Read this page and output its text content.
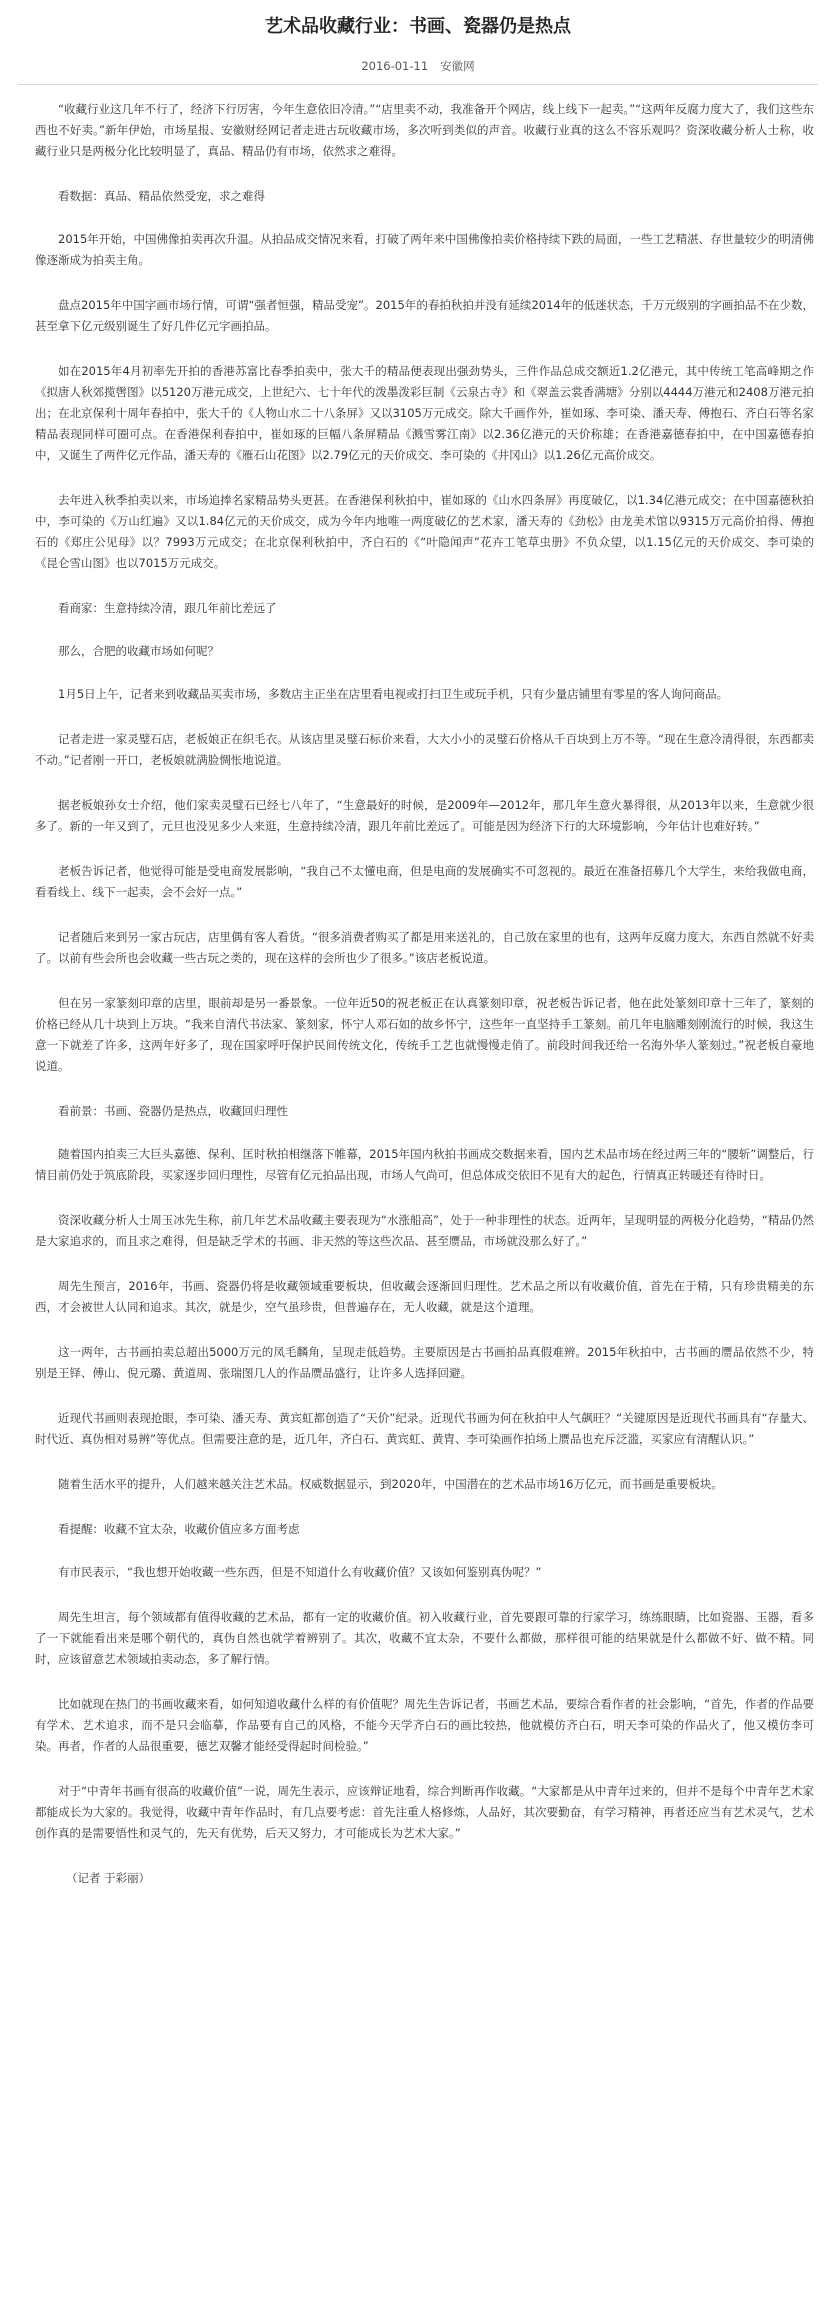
艺术品收藏行业：书画、瓷器仍是热点
2016-01-11 安徽网

“收藏行业这几年不行了，经济下行厉害，今年生意依旧冷清。”“店里卖不动，我准备开个网店，线上线下一起卖。”“这两年反腐力度大了，我们这些东西也不好卖。”新年伊始，市场星报、安徽财经网记者走进古玩收藏市场，多次听到类似的声音。收藏行业真的这么不容乐观吗？资深收藏分析人士称，收藏行业只是两极分化比较明显了，真品、精品仍有市场，依然求之难得。

看数据：真品、精品依然受宠，求之难得

2015年开始，中国佛像拍卖再次升温。从拍品成交情况来看，打破了两年来中国佛像拍卖价格持续下跌的局面，一些工艺精湛、存世量较少的明清佛像逐渐成为拍卖主角。

盘点2015年中国字画市场行情，可谓“强者恒强，精品受宠”。2015年的春拍秋拍并没有延续2014年的低迷状态，千万元级别的字画拍品不在少数，甚至拿下亿元级别诞生了好几件亿元字画拍品。

如在2015年4月初率先开拍的香港苏富比春季拍卖中，张大千的精品便表现出强劲势头，三件作品总成交额近1.2亿港元，其中传统工笔高峰期之作《拟唐人秋郊揽辔图》以5120万港元成交，上世纪六、七十年代的泼墨泼彩巨制《云泉古寺》和《翠盖云裳香满塘》分别以4444万港元和2408万港元拍出；在北京保利十周年春拍中，张大千的《人物山水二十八条屏》又以3105万元成交。除大千画作外，崔如琢、李可染、潘天寿、傅抱石、齐白石等名家精品表现同样可圈可点。在香港保利春拍中，崔如琢的巨幅八条屏精品《溅雪雾江南》以2.36亿港元的天价称雄；在香港嘉德春拍中，在中国嘉德春拍中，又诞生了两件亿元作品，潘天寿的《雁石山花图》以2.79亿元的天价成交、李可染的《井冈山》以1.26亿元高价成交。

去年进入秋季拍卖以来，市场追捧名家精品势头更甚。在香港保利秋拍中，崔如琢的《山水四条屏》再度破亿，以1.34亿港元成交；在中国嘉德秋拍中，李可染的《万山红遍》又以1.84亿元的天价成交，成为今年内地唯一两度破亿的艺术家，潘天寿的《劲松》由龙美术馆以9315万元高价拍得、傅抱石的《郑庄公见母》以？7993万元成交；在北京保利秋拍中，齐白石的《“叶隐闻声”花卉工笔草虫册》不负众望，以1.15亿元的天价成交、李可染的《昆仑雪山图》也以7015万元成交。

看商家：生意持续冷清，跟几年前比差远了

那么，合肥的收藏市场如何呢？

1月5日上午，记者来到收藏品买卖市场，多数店主正坐在店里看电视或打扫卫生或玩手机，只有少量店铺里有零星的客人询问商品。

记者走进一家灵璧石店，老板娘正在织毛衣。从该店里灵璧石标价来看，大大小小的灵璧石价格从千百块到上万不等。“现在生意冷清得很，东西都卖不动。”记者刚一开口，老板娘就满脸惆怅地说道。

据老板娘孙女士介绍，他们家卖灵璧石已经七八年了，“生意最好的时候，是2009年—2012年，那几年生意火暴得很，从2013年以来，生意就少很多了。新的一年又到了，元旦也没见多少人来逛，生意持续冷清，跟几年前比差远了。可能是因为经济下行的大环境影响，今年估计也难好转。”

老板告诉记者，他觉得可能是受电商发展影响，“我自己不太懂电商，但是电商的发展确实不可忽视的。最近在准备招募几个大学生，来给我做电商，看看线上、线下一起卖，会不会好一点。”

记者随后来到另一家古玩店，店里偶有客人看货。“很多消费者购买了都是用来送礼的，自己放在家里的也有，这两年反腐力度大，东西自然就不好卖了。以前有些会所也会收藏一些古玩之类的，现在这样的会所也少了很多。”该店老板说道。

但在另一家篆刻印章的店里，眼前却是另一番景象。一位年近50的祝老板正在认真篆刻印章，祝老板告诉记者，他在此处篆刻印章十三年了，篆刻的价格已经从几十块到上万块。“我来自清代书法家、篆刻家，怀宁人邓石如的故乡怀宁，这些年一直坚持手工篆刻。前几年电脑雕刻刚流行的时候，我这生意一下就差了许多，这两年好多了，现在国家呼吁保护民间传统文化，传统手工艺也就慢慢走俏了。前段时间我还给一名海外华人篆刻过。”祝老板自豪地说道。

看前景：书画、瓷器仍是热点，收藏回归理性

随着国内拍卖三大巨头嘉德、保利、匡时秋拍相继落下帷幕，2015年国内秋拍书画成交数据来看，国内艺术品市场在经过两三年的“腰斩”调整后，行情目前仍处于筑底阶段，买家逐步回归理性，尽管有亿元拍品出现，市场人气尚可，但总体成交依旧不见有大的起色，行情真正转暖还有待时日。

资深收藏分析人士周玉冰先生称，前几年艺术品收藏主要表现为“水涨船高”，处于一种非理性的状态。近两年，呈现明显的两极分化趋势，“精品仍然是大家追求的，而且求之难得，但是缺乏学术的书画、非天然的等这些次品、甚至赝品，市场就没那么好了。”

周先生预言，2016年，书画、瓷器仍将是收藏领域重要板块，但收藏会逐渐回归理性。艺术品之所以有收藏价值，首先在于精，只有珍贵精美的东西，才会被世人认同和追求。其次，就是少，空气虽珍贵，但普遍存在，无人收藏，就是这个道理。

这一两年，古书画拍卖总超出5000万元的凤毛麟角，呈现走低趋势。主要原因是古书画拍品真假难辨。2015年秋拍中，古书画的赝品依然不少，特别是王铎、傅山、倪元璐、黄道周、张瑞图几人的作品赝品盛行，让许多人选择回避。

近现代书画则表现抢眼，李可染、潘天寿、黄宾虹都创造了“天价”纪录。近现代书画为何在秋拍中人气飙旺？“关键原因是近现代书画具有“存量大、时代近、真伪相对易辨”等优点。但需要注意的是，近几年，齐白石、黄宾虹、黄胄、李可染画作拍场上赝品也充斥泛滥，买家应有清醒认识。”

随着生活水平的提升，人们越来越关注艺术品。权威数据显示，到2020年，中国潜在的艺术品市场16万亿元，而书画是重要板块。

看提醒：收藏不宜太杂，收藏价值应多方面考虑

有市民表示，“我也想开始收藏一些东西，但是不知道什么有收藏价值？又该如何鉴别真伪呢？”

周先生坦言，每个领域都有值得收藏的艺术品，都有一定的收藏价值。初入收藏行业，首先要跟可靠的行家学习，练练眼睛，比如瓷器、玉器，看多了一下就能看出来是哪个朝代的，真伪自然也就学着辨别了。其次，收藏不宜太杂，不要什么都做，那样很可能的结果就是什么都做不好、做不精。同时，应该留意艺术领域拍卖动态，多了解行情。

比如就现在热门的书画收藏来看，如何知道收藏什么样的有价值呢？周先生告诉记者，书画艺术品，要综合看作者的社会影响，“首先，作者的作品要有学术、艺术追求，而不是只会临摹，作品要有自己的风格，不能今天学齐白石的画比较热，他就模仿齐白石，明天李可染的作品火了，他又模仿李可染。再者，作者的人品很重要，德艺双馨才能经受得起时间检验。”

对于“中青年书画有很高的收藏价值”一说，周先生表示，应该辩证地看，综合判断再作收藏。“大家都是从中青年过来的，但并不是每个中青年艺术家都能成长为大家的。我觉得，收藏中青年作品时，有几点要考虑：首先注重人格修炼，人品好，其次要勤奋，有学习精神，再者还应当有艺术灵气，艺术创作真的是需要悟性和灵气的，先天有优势，后天又努力，才可能成长为艺术大家。”

（记者 于彩丽）
